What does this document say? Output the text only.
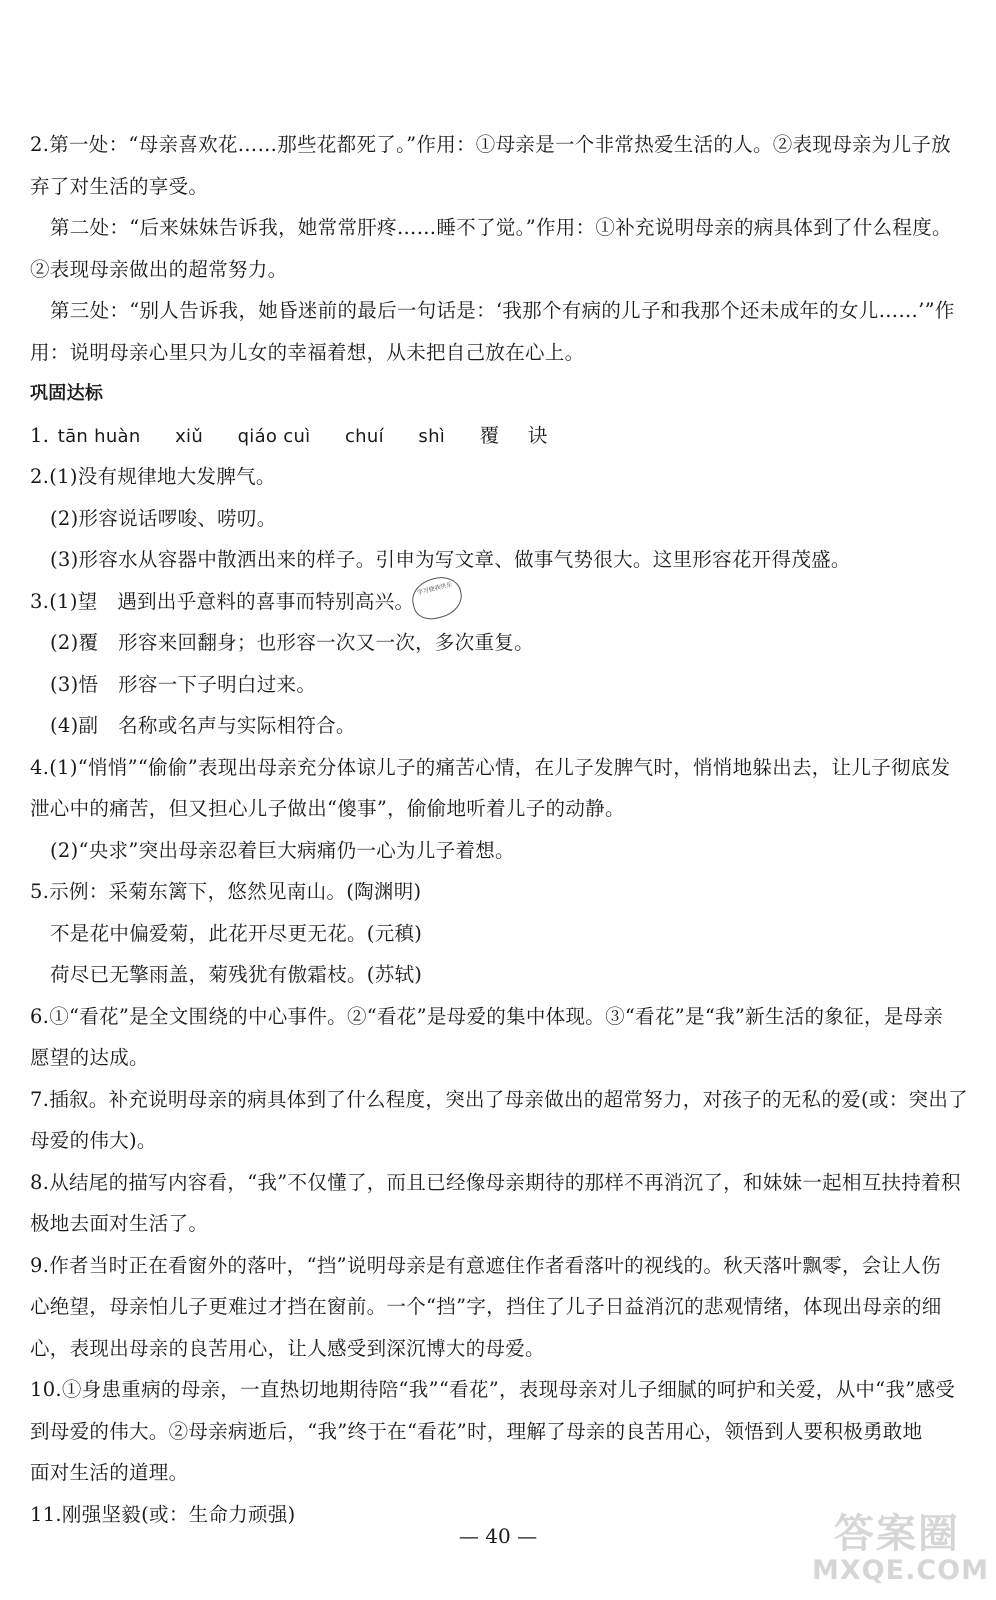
2.第一处：“母亲喜欢花……那些花都死了。”作用：①母亲是一个非常热爱生活的人。②表现母亲为儿子放
弃了对生活的享受。
第二处：“后来妹妹告诉我，她常常肝疼……睡不了觉。”作用：①补充说明母亲的病具体到了什么程度。
②表现母亲做出的超常努力。
第三处：“别人告诉我，她昏迷前的最后一句话是：‘我那个有病的儿子和我那个还未成年的女儿……’”作
用：说明母亲心里只为儿女的幸福着想，从未把自己放在心上。
巩固达标
1. tān huàn xiǔ qiáo cuì chuí shì 覆 诀
2.(1)没有规律地大发脾气。
(2)形容说话啰唆、唠叨。
(3)形容水从容器中散洒出来的样子。引申为写文章、做事气势很大。这里形容花开得茂盛。
3.(1)望　遇到出乎意料的喜事而特别高兴。
(2)覆　形容来回翻身；也形容一次又一次，多次重复。
(3)悟　形容一下子明白过来。
(4)副　名称或名声与实际相符合。
4.(1)“悄悄”“偷偷”表现出母亲充分体谅儿子的痛苦心情，在儿子发脾气时，悄悄地躲出去，让儿子彻底发
泄心中的痛苦，但又担心儿子做出“傻事”，偷偷地听着儿子的动静。
(2)“央求”突出母亲忍着巨大病痛仍一心为儿子着想。
5.示例：采菊东篱下，悠然见南山。(陶渊明)
不是花中偏爱菊，此花开尽更无花。(元稹)
荷尽已无擎雨盖，菊残犹有傲霜枝。(苏轼)
6.①“看花”是全文围绕的中心事件。②“看花”是母爱的集中体现。③“看花”是“我”新生活的象征，是母亲
愿望的达成。
7.插叙。补充说明母亲的病具体到了什么程度，突出了母亲做出的超常努力，对孩子的无私的爱(或：突出了
母爱的伟大)。
8.从结尾的描写内容看，“我”不仅懂了，而且已经像母亲期待的那样不再消沉了，和妹妹一起相互扶持着积
极地去面对生活了。
9.作者当时正在看窗外的落叶，“挡”说明母亲是有意遮住作者看落叶的视线的。秋天落叶飘零，会让人伤
心绝望，母亲怕儿子更难过才挡在窗前。一个“挡”字，挡住了儿子日益消沉的悲观情绪，体现出母亲的细
心，表现出母亲的良苦用心，让人感受到深沉博大的母爱。
10.①身患重病的母亲，一直热切地期待陪“我”“看花”，表现母亲对儿子细腻的呵护和关爱，从中“我”感受
到母爱的伟大。②母亲病逝后，“我”终于在“看花”时，理解了母亲的良苦用心，领悟到人要积极勇敢地
面对生活的道理。
11.刚强坚毅(或：生命力顽强)
学习使我快乐
— 40 —	答案圈
MXQE.COM
